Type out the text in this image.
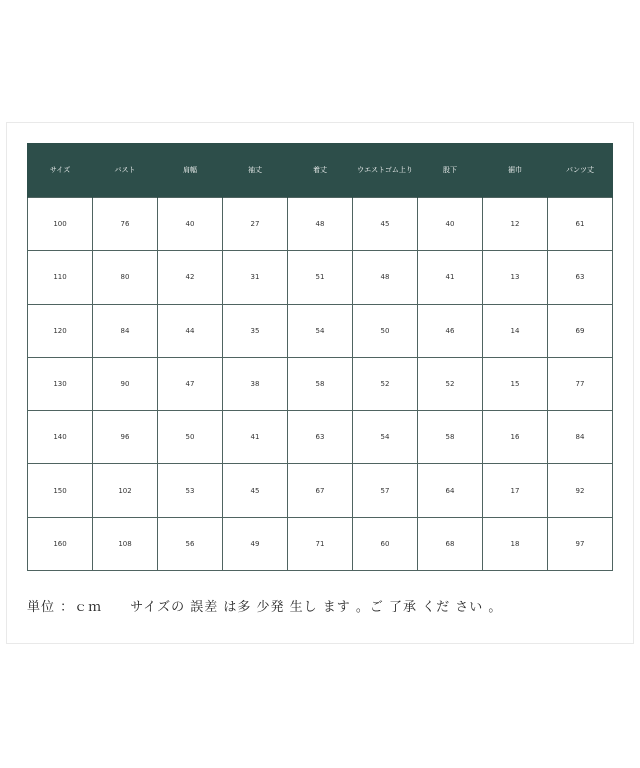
サイズ	バスト	肩幅	袖丈	着丈	ウエストゴム上り	股下	裾巾	パンツ丈
100	76	40	27	48	45	40	12	61
110	80	42	31	51	48	41	13	63
120	84	44	35	54	50	46	14	69
130	90	47	38	58	52	52	15	77
140	96	50	41	63	54	58	16	84
150	102	53	45	67	57	64	17	92
160	108	56	49	71	60	68	18	97
単位 ：ｃｍ サイズの 誤差 は多 少発 生し ます 。ご 了承 くだ さい 。
